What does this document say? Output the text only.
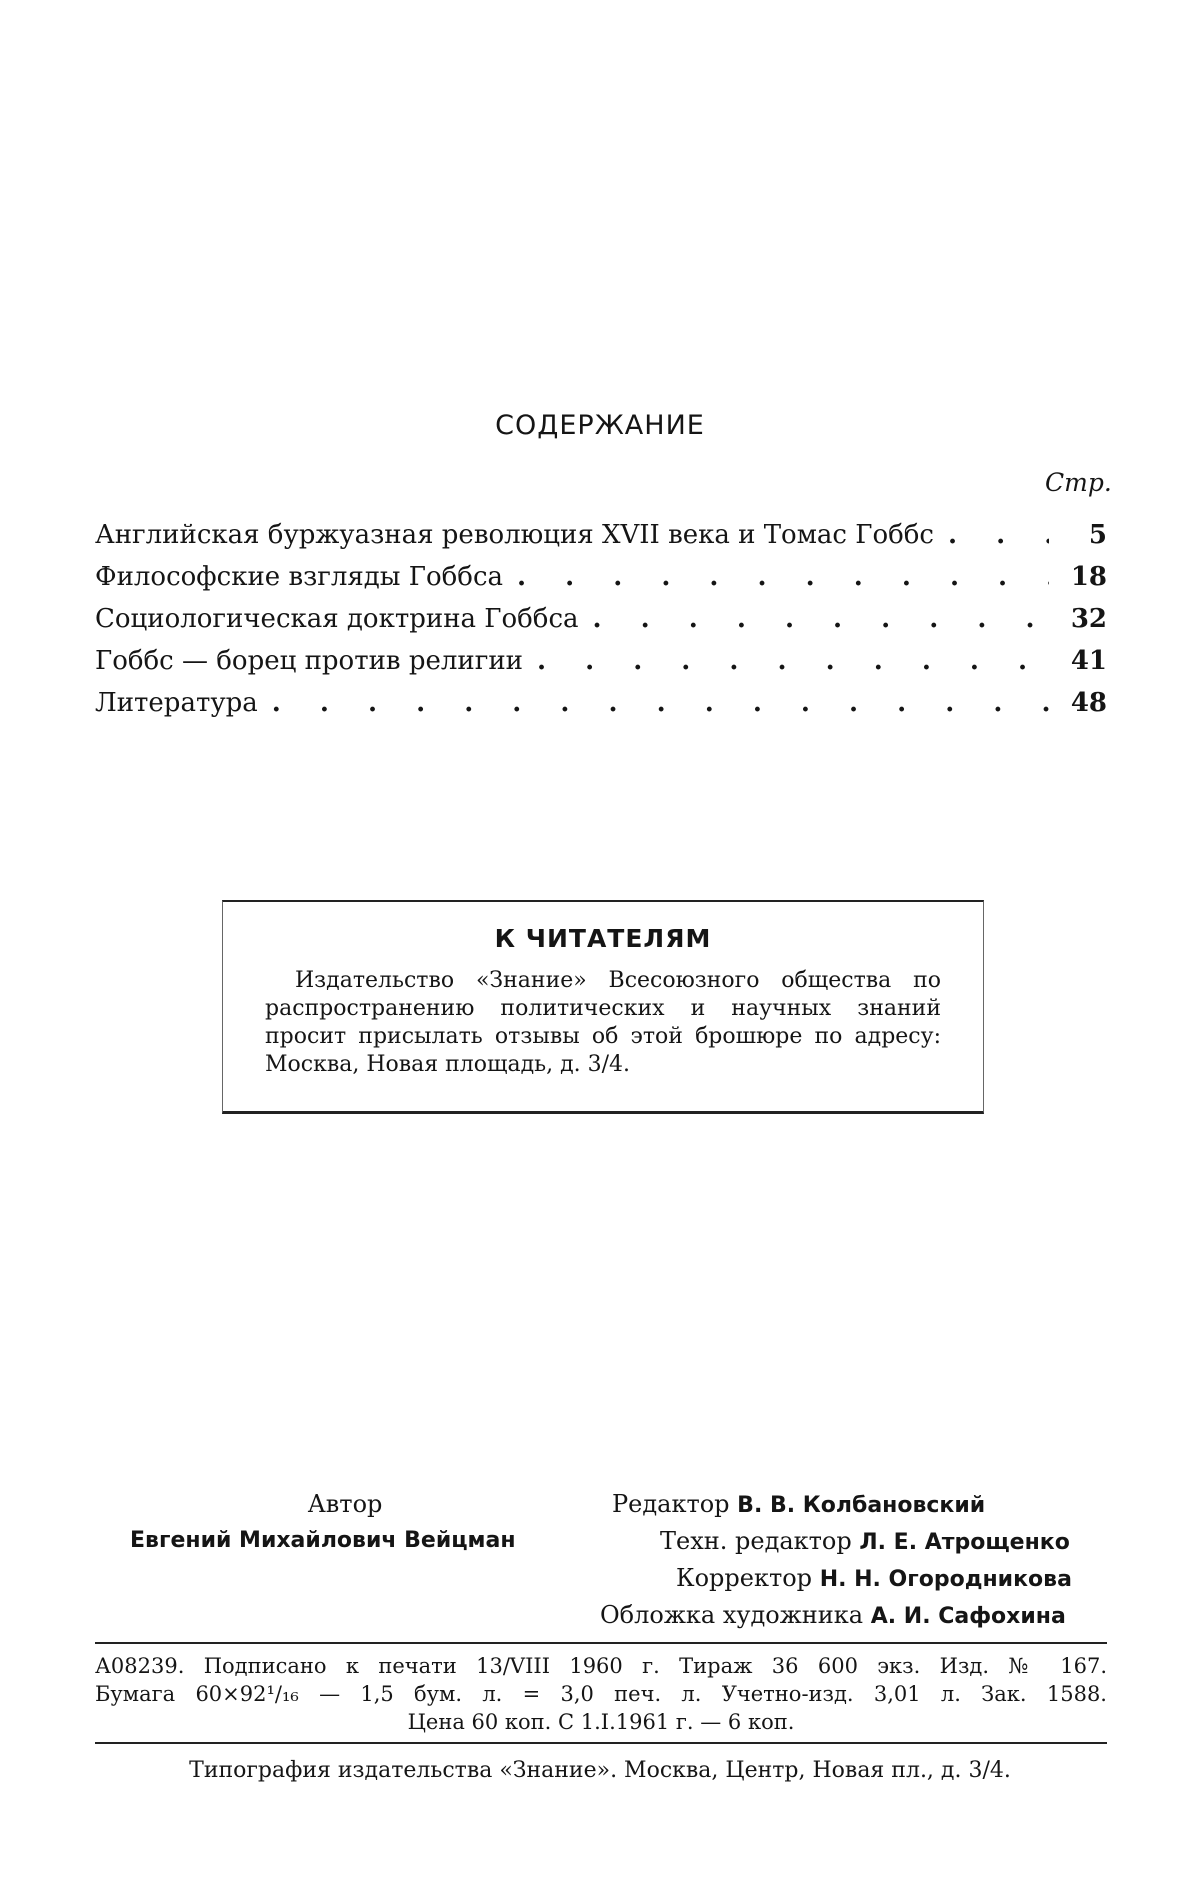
СОДЕРЖАНИЕ
Стр.
Английская буржуазная революция XVII века и Томас Гоббс . . .	5
Философские взгляды Гоббса . . .	18
Социологическая доктрина Гоббса . . .	32
Гоббс — борец против религии . . .	41
Литература . . .	48
К ЧИТАТЕЛЯМ
Издательство «Знание» Всесоюзного общества по распространению политических и научных знаний просит присылать отзывы об этой брошюре по адресу: Москва, Новая площадь, д. 3/4.
Автор
Евгений Михайлович Вейцман
Редактор В. В. Колбановский
Техн. редактор Л. Е. Атрощенко
Корректор Н. Н. Огородникова
Обложка художника А. И. Сафохина
А08239. Подписано к печати 13/VIII 1960 г. Тираж 36 600 экз. Изд. № 167.
Бумага 60×92¹/₁₆ — 1,5 бум. л. = 3,0 печ. л. Учетно-изд. 3,01 л. Зак. 1588.
Цена 60 коп. С 1.I.1961 г. — 6 коп.
Типография издательства «Знание». Москва, Центр, Новая пл., д. 3/4.
